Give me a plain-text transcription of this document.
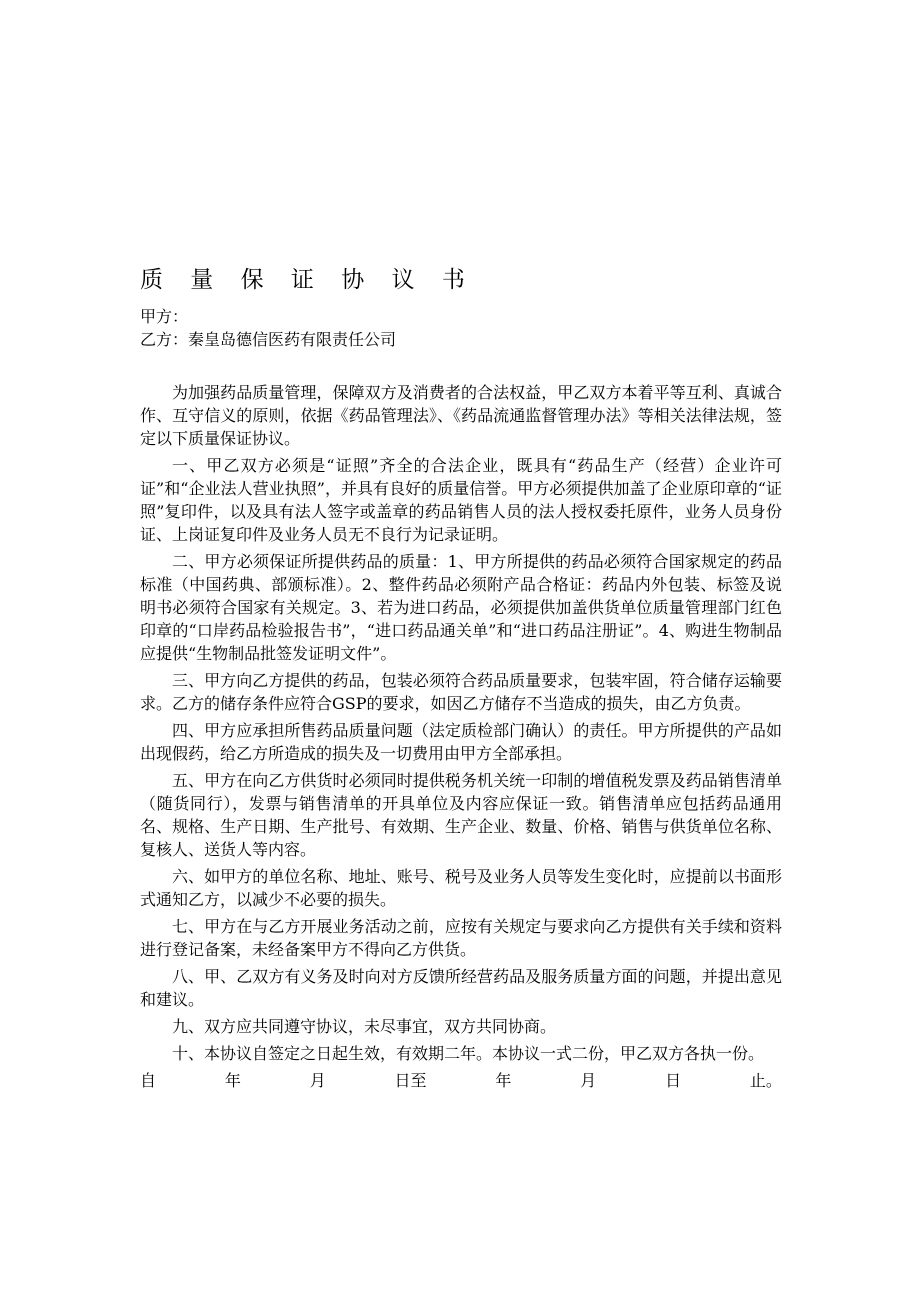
质 量 保 证 协 议 书

甲方：

乙方：秦皇岛德信医药有限责任公司

为加强药品质量管理，保障双方及消费者的合法权益，甲乙双方本着平等互利、真诚合作、互守信义的原则，依据《药品管理法》、《药品流通监督管理办法》等相关法律法规，签定以下质量保证协议。

一、甲乙双方必须是“证照”齐全的合法企业，既具有“药品生产（经营）企业许可证”和“企业法人营业执照”，并具有良好的质量信誉。甲方必须提供加盖了企业原印章的“证照”复印件，以及具有法人签字或盖章的药品销售人员的法人授权委托原件，业务人员身份证、上岗证复印件及业务人员无不良行为记录证明。

二、甲方必须保证所提供药品的质量：1、甲方所提供的药品必须符合国家规定的药品标准（中国药典、部颁标准）。2、整件药品必须附产品合格证：药品内外包装、标签及说明书必须符合国家有关规定。3、若为进口药品，必须提供加盖供货单位质量管理部门红色印章的“口岸药品检验报告书”，“进口药品通关单”和“进口药品注册证”。4、购进生物制品应提供“生物制品批签发证明文件”。

三、甲方向乙方提供的药品，包装必须符合药品质量要求，包装牢固，符合储存运输要求。乙方的储存条件应符合GSP的要求，如因乙方储存不当造成的损失，由乙方负责。

四、甲方应承担所售药品质量问题（法定质检部门确认）的责任。甲方所提供的产品如出现假药，给乙方所造成的损失及一切费用由甲方全部承担。

五、甲方在向乙方供货时必须同时提供税务机关统一印制的增值税发票及药品销售清单（随货同行），发票与销售清单的开具单位及内容应保证一致。销售清单应包括药品通用名、规格、生产日期、生产批号、有效期、生产企业、数量、价格、销售与供货单位名称、复核人、送货人等内容。

六、如甲方的单位名称、地址、账号、税号及业务人员等发生变化时，应提前以书面形式通知乙方，以减少不必要的损失。

七、甲方在与乙方开展业务活动之前，应按有关规定与要求向乙方提供有关手续和资料进行登记备案，未经备案甲方不得向乙方供货。

八、甲、乙双方有义务及时向对方反馈所经营药品及服务质量方面的问题，并提出意见和建议。

九、双方应共同遵守协议，未尽事宜，双方共同协商。

十、本协议自签定之日起生效，有效期二年。本协议一式二份，甲乙双方各执一份。

自	年	月	日至	年	月	日	止。
